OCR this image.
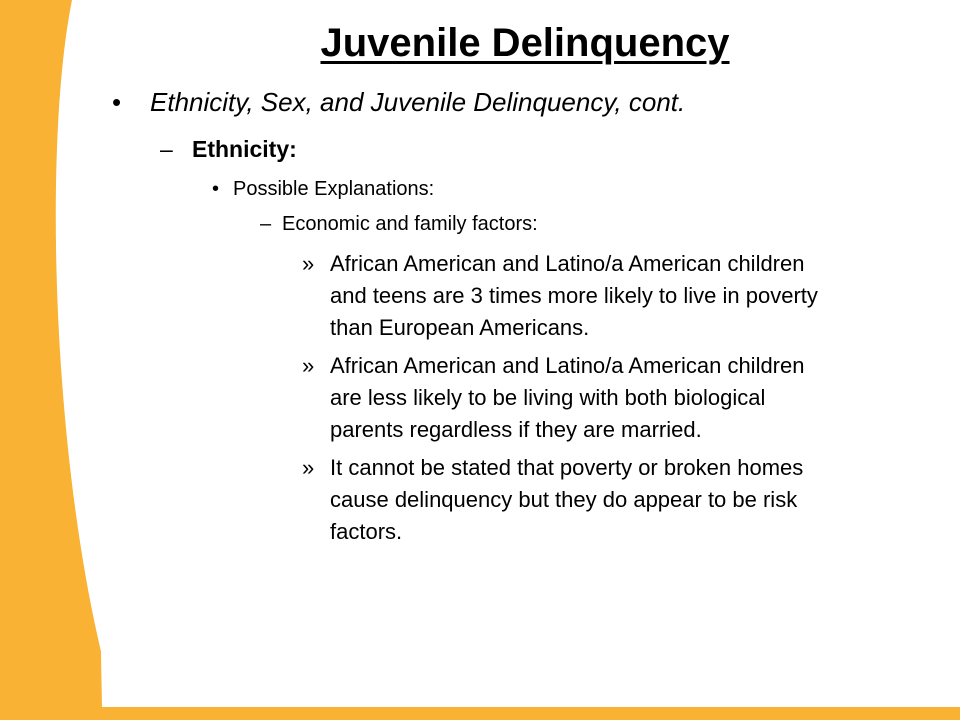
Juvenile Delinquency
•	Ethnicity, Sex, and Juvenile Delinquency, cont.
– Ethnicity:
• Possible Explanations:
– Economic and family factors:
» African American and Latino/a American children
and teens are 3 times more likely to live in poverty
than European Americans.
» African American and Latino/a American children
are less likely to be living with both biological
parents regardless if they are married.
» It cannot be stated that poverty or broken homes
cause delinquency but they do appear to be risk
factors.
